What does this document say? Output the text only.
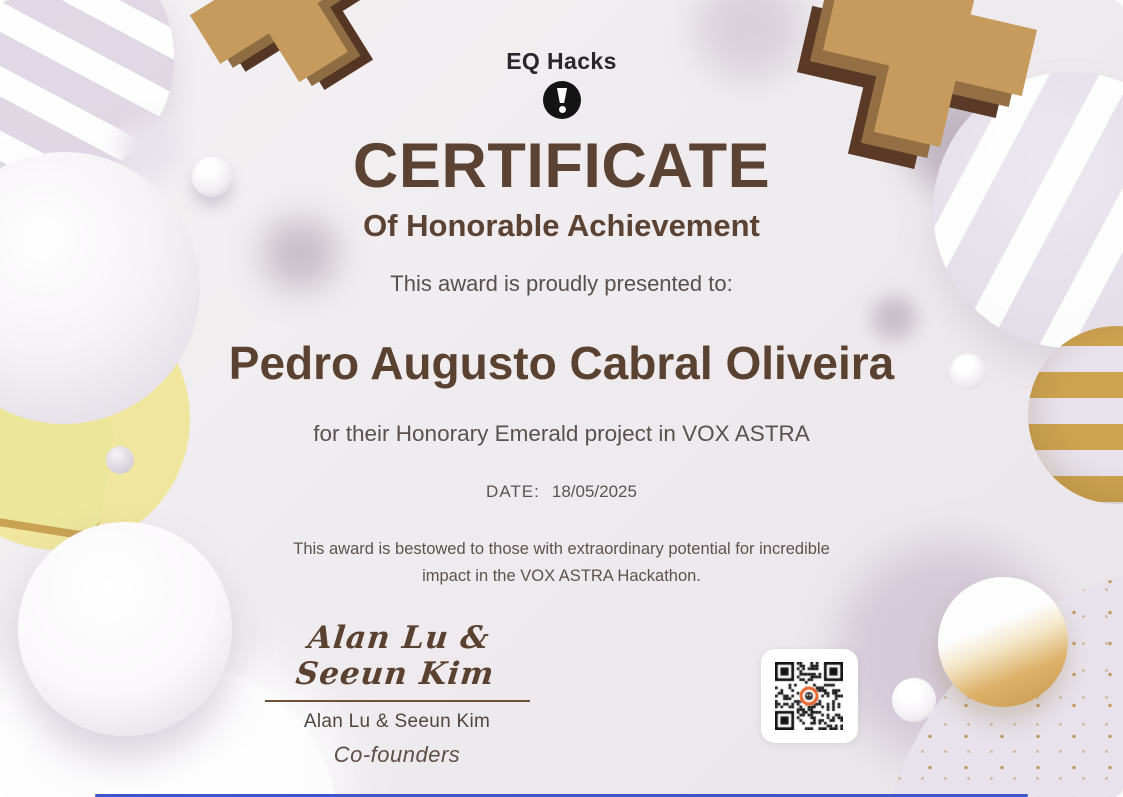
EQ Hacks
CERTIFICATE
Of Honorable Achievement
This award is proudly presented to:
Pedro Augusto Cabral Oliveira
for their Honorary Emerald project in VOX ASTRA
DATE: 18/05/2025
This award is bestowed to those with extraordinary potential for incredible impact in the VOX ASTRA Hackathon.
Alan Lu & Seeun Kim
Alan Lu & Seeun Kim
Co-founders
